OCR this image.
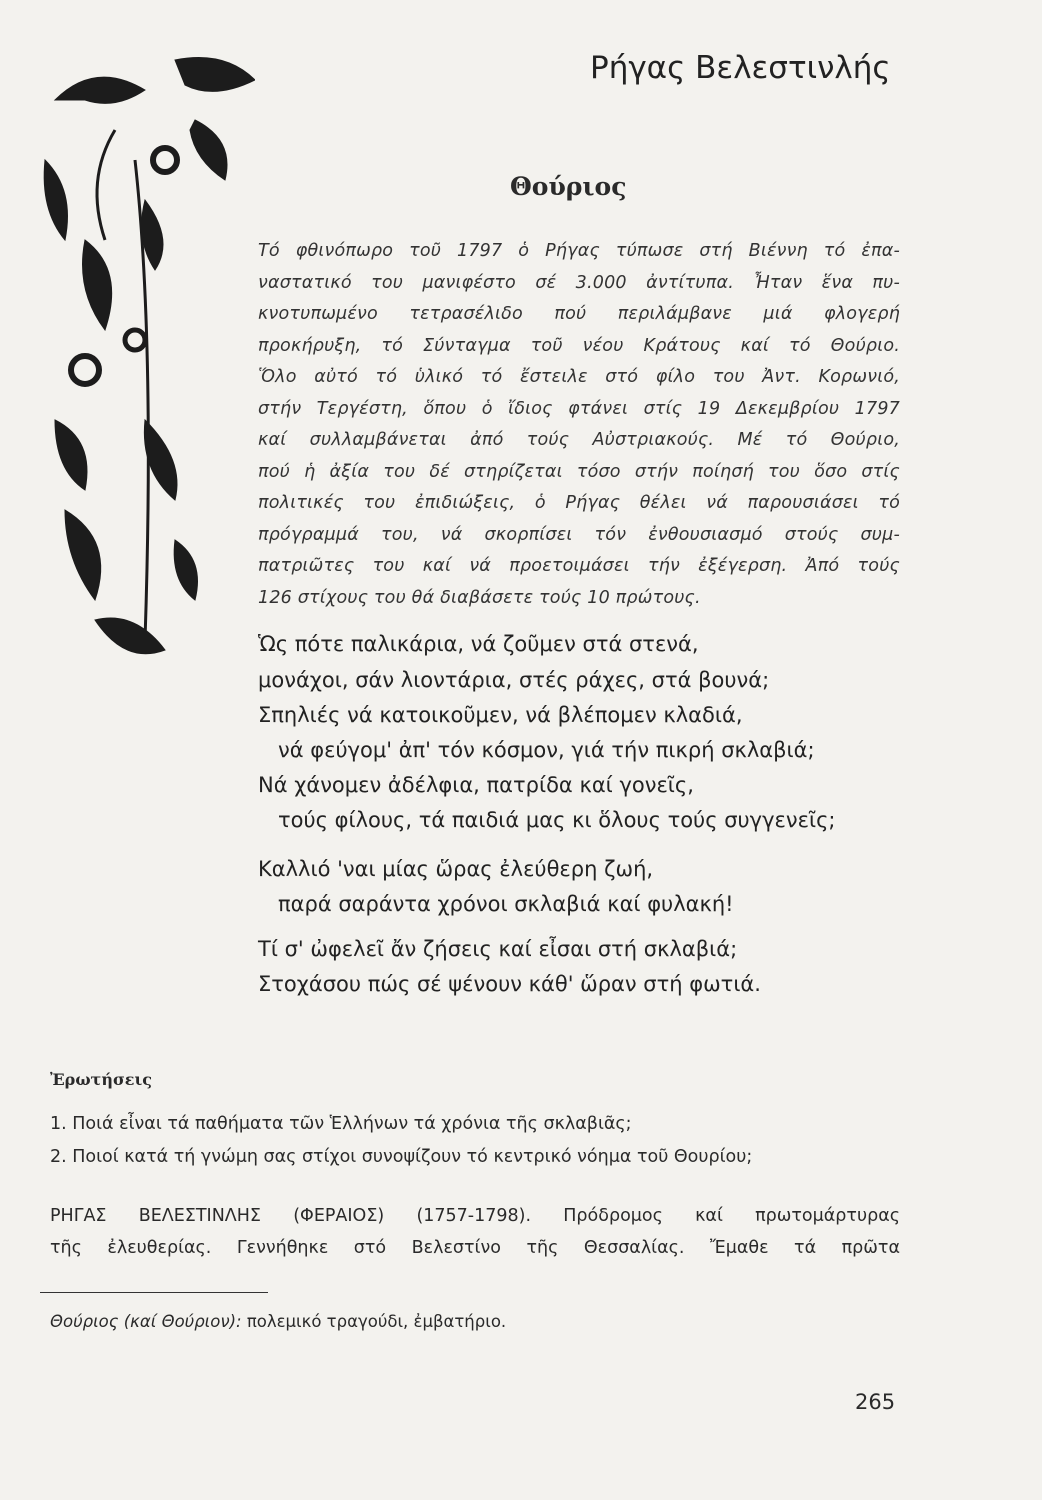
Ρήγας Βελεστινλής
Θούριος
Τό φθινόπωρο τοῦ 1797 ὁ Ρήγας τύπωσε στή Βιέννη τό ἐπα-
ναστατικό του μανιφέστο σέ 3.000 ἀντίτυπα. Ἦταν ἕνα πυ-
κνοτυπωμένο τετρασέλιδο πού περιλάμβανε μιά φλογερή
προκήρυξη, τό Σύνταγμα τοῦ νέου Κράτους καί τό Θούριο.
Ὅλο αὐτό τό ὑλικό τό ἔστειλε στό φίλο του Ἀντ. Κορωνιό,
στήν Τεργέστη, ὅπου ὁ ἴδιος φτάνει στίς 19 Δεκεμβρίου 1797
καί συλλαμβάνεται ἀπό τούς Αὐστριακούς. Μέ τό Θούριο,
πού ἡ ἀξία του δέ στηρίζεται τόσο στήν ποίησή του ὅσο στίς
πολιτικές του ἐπιδιώξεις, ὁ Ρήγας θέλει νά παρουσιάσει τό
πρόγραμμά του, νά σκορπίσει τόν ἐνθουσιασμό στούς συμ-
πατριῶτες του καί νά προετοιμάσει τήν ἐξέγερση. Ἀπό τούς
126 στίχους του θά διαβάσετε τούς 10 πρώτους.
Ὡς πότε παλικάρια, νά ζοῦμεν στά στενά,
μονάχοι, σάν λιοντάρια, στές ράχες, στά βουνά;
Σπηλιές νά κατοικοῦμεν, νά βλέπομεν κλαδιά,
νά φεύγομ' ἀπ' τόν κόσμον, γιά τήν πικρή σκλαβιά;
Νά χάνομεν ἀδέλφια, πατρίδα καί γονεῖς,
τούς φίλους, τά παιδιά μας κι ὅλους τούς συγγενεῖς;
Καλλιό 'ναι μίας ὥρας ἐλεύθερη ζωή,
παρά σαράντα χρόνοι σκλαβιά καί φυλακή!
Τί σ' ὠφελεῖ ἄν ζήσεις καί εἶσαι στή σκλαβιά;
Στοχάσου πώς σέ ψένουν κάθ' ὥραν στή φωτιά.
Ἐρωτήσεις
1. Ποιά εἶναι τά παθήματα τῶν Ἑλλήνων τά χρόνια τῆς σκλαβιᾶς;
2. Ποιοί κατά τή γνώμη σας στίχοι συνοψίζουν τό κεντρικό νόημα τοῦ Θουρίου;
ΡΗΓΑΣ ΒΕΛΕΣΤΙΝΛΗΣ (ΦΕΡΑΙΟΣ) (1757-1798). Πρόδρομος καί πρωτομάρτυρας
τῆς ἐλευθερίας. Γεννήθηκε στό Βελεστίνο τῆς Θεσσαλίας. Ἔμαθε τά πρῶτα
Θούριος (καί Θούριον): πολεμικό τραγούδι, ἐμβατήριο.
265
